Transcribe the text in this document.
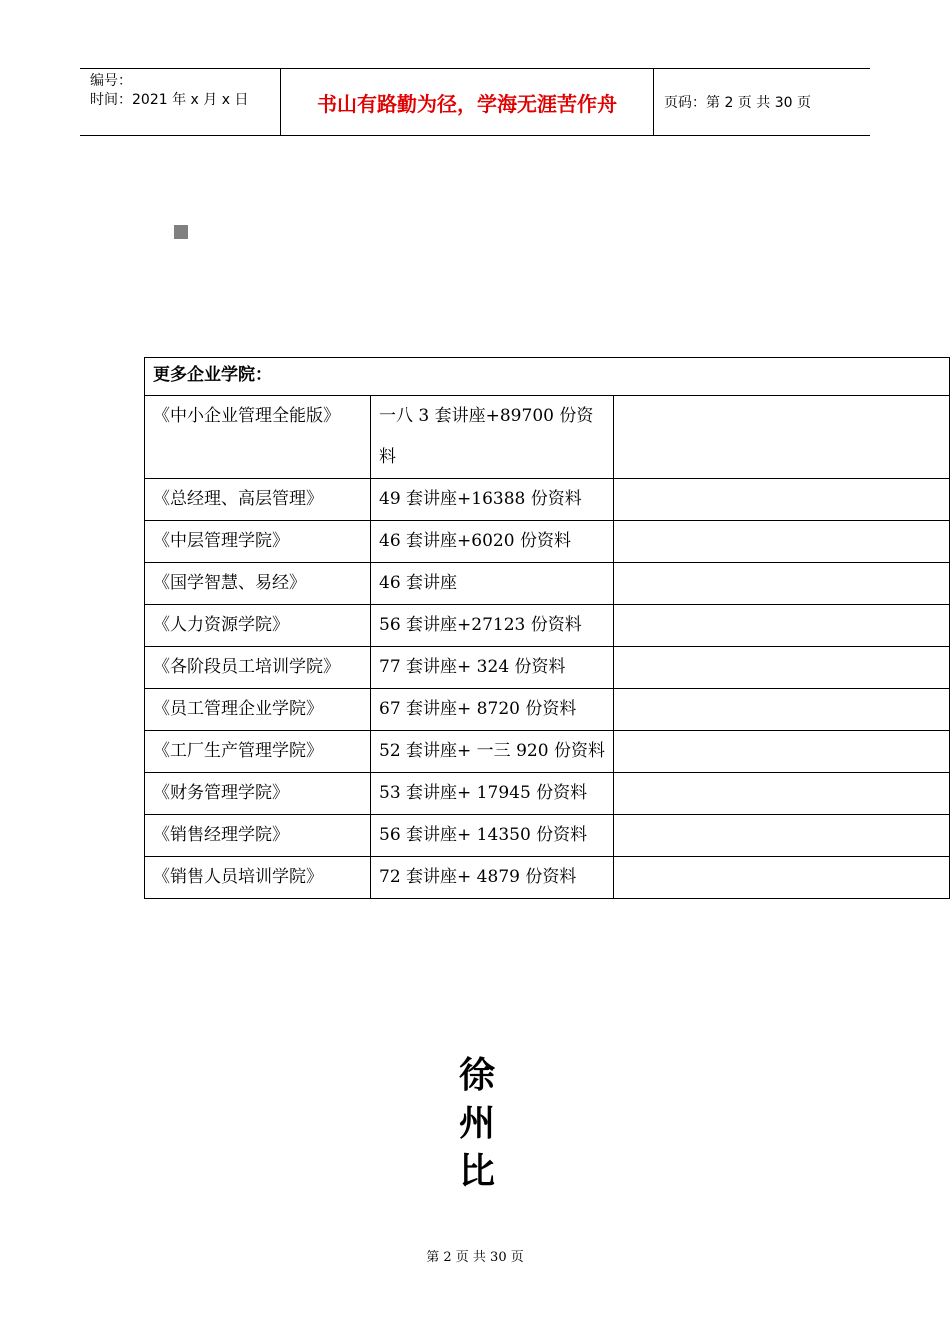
编号：
时间：2021 年 x 月 x 日	书山有路勤为径，学海无涯苦作舟	页码：第 2 页 共 30 页
更多企业学院：		

《中小企业管理全能版》	一八 3 套讲座+89700 份资料	

《总经理、高层管理》	49 套讲座+16388 份资料	

《中层管理学院》	46 套讲座+6020 份资料	

《国学智慧、易经》	46 套讲座	

《人力资源学院》	56 套讲座+27123 份资料	

《各阶段员工培训学院》	77 套讲座+ 324 份资料	

《员工管理企业学院》	67 套讲座+ 8720 份资料	

《工厂生产管理学院》	52 套讲座+ 一三 920 份资料	

《财务管理学院》	53 套讲座+ 17945 份资料	

《销售经理学院》	56 套讲座+ 14350 份资料	

《销售人员培训学院》	72 套讲座+ 4879 份资料	

徐
州
比
第 2 页 共 30 页
